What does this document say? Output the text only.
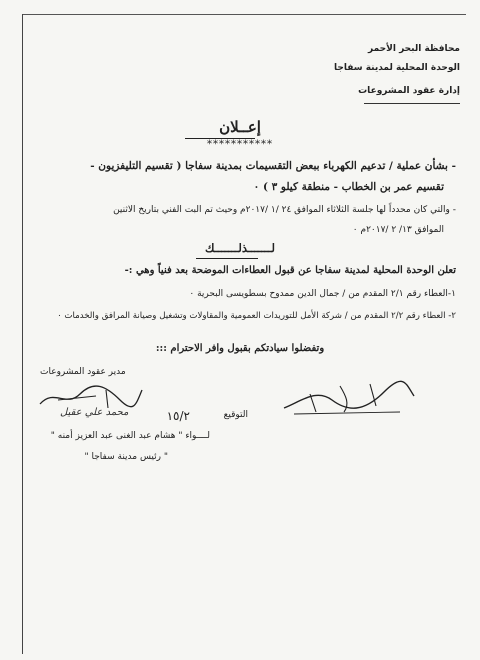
محافظة البحر الأحمر
الوحدة المحلية لمدينة سفاجا
إدارة عقود المشروعات
إعــلان
***********
- بشأن عملية / تدعيم الكهرباء ببعض التقسيمات بمدينة سفاجا ( تقسيم التليفزيون -
تقسيم عمر بن الخطاب - منطقة كيلو ٣ ) ٠
- والتي كان محدداً لها جلسة الثلاثاء الموافق ٢٤ /١ /٢٠١٧م وحيث تم البت الفني بتاريخ الاثنين
الموافق ١٣/ ٢ /٢٠١٧م ٠
لـــــــذلـــــــك
تعلن الوحدة المحلية لمدينة سفاجا عن قبول العطاءات الموضحة بعد فنياً وهي :-
١-العطاء رقم ٢/١ المقدم من / جمال الدين ممدوح بسطويسى البحرية ٠
٢- العطاء رقم ٢/٢ المقدم من / شركة الأمل للتوريدات العمومية والمقاولات وتشغيل وصيانة المرافق والخدمات ٠
وتفضلوا سيادتكم بقبول وافر الاحترام :::
مدير عقود المشروعات
محمد علي عقيل	التوقيع
١٥/٢
لــــواء " هشام عبد الغنى عبد العزيز أمنه "
" رئيس مدينة سفاجا "
